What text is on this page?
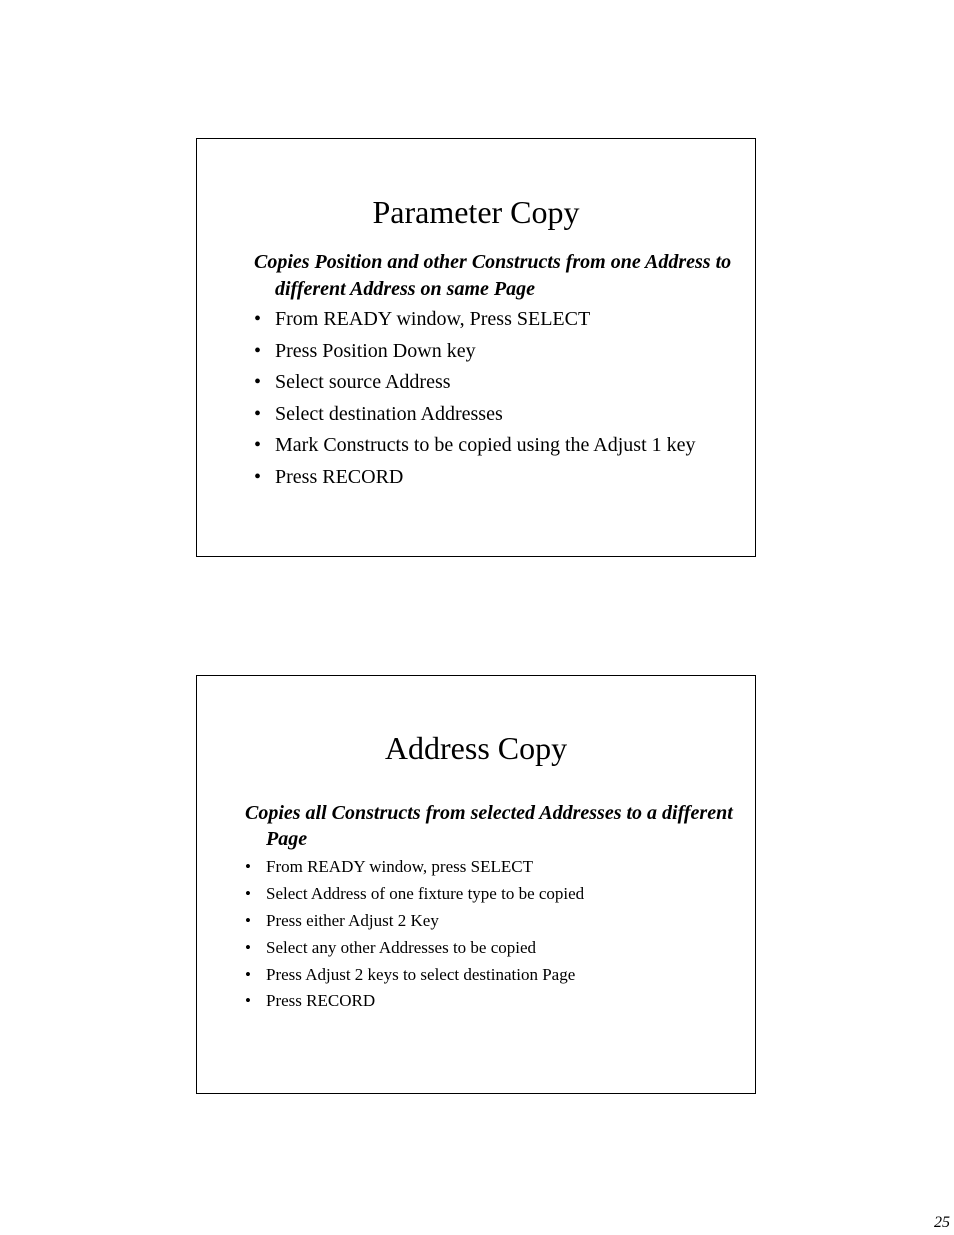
Parameter Copy

Copies Position and other Constructs from one Address to different Address on same Page

• From READY window, Press SELECT
• Press Position Down key
• Select source Address
• Select destination Addresses
• Mark Constructs to be copied using the Adjust 1 key
• Press RECORD
Address Copy

Copies all Constructs from selected Addresses to a different Page

• From READY window, press SELECT
• Select Address of one fixture type to be copied
• Press either Adjust 2 Key
• Select any other Addresses to be copied
• Press Adjust 2 keys to select destination Page
• Press RECORD
25
